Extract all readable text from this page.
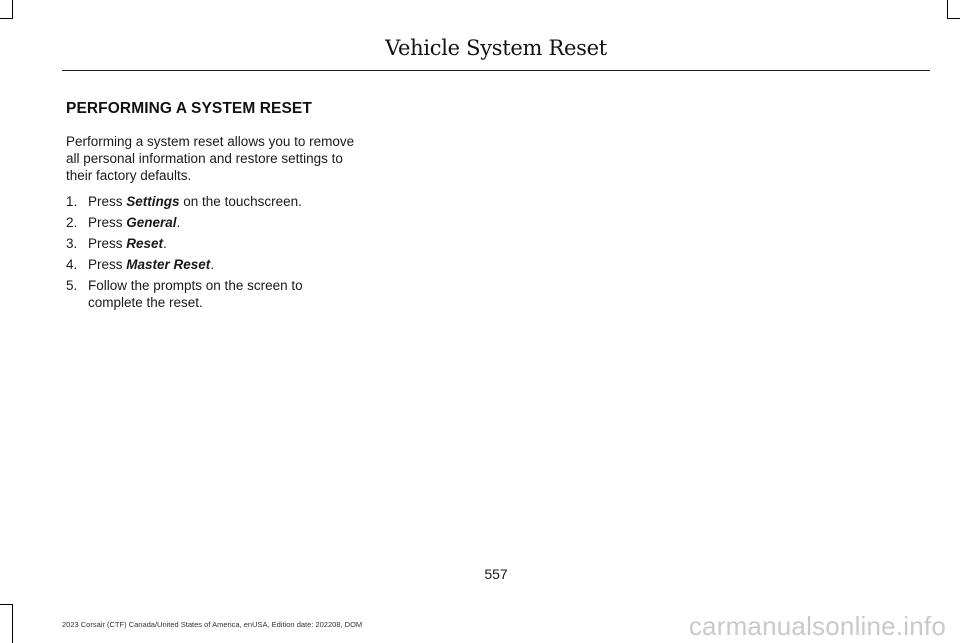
Vehicle System Reset
PERFORMING A SYSTEM RESET

Performing a system reset allows you to remove all personal information and restore settings to their factory defaults.

1. Press Settings on the touchscreen.
2. Press General.
3. Press Reset.
4. Press Master Reset.
5. Follow the prompts on the screen to complete the reset.
557
2023 Corsair (CTF) Canada/United States of America, enUSA, Edition date: 202208, DOM	carmanualsonline.info
